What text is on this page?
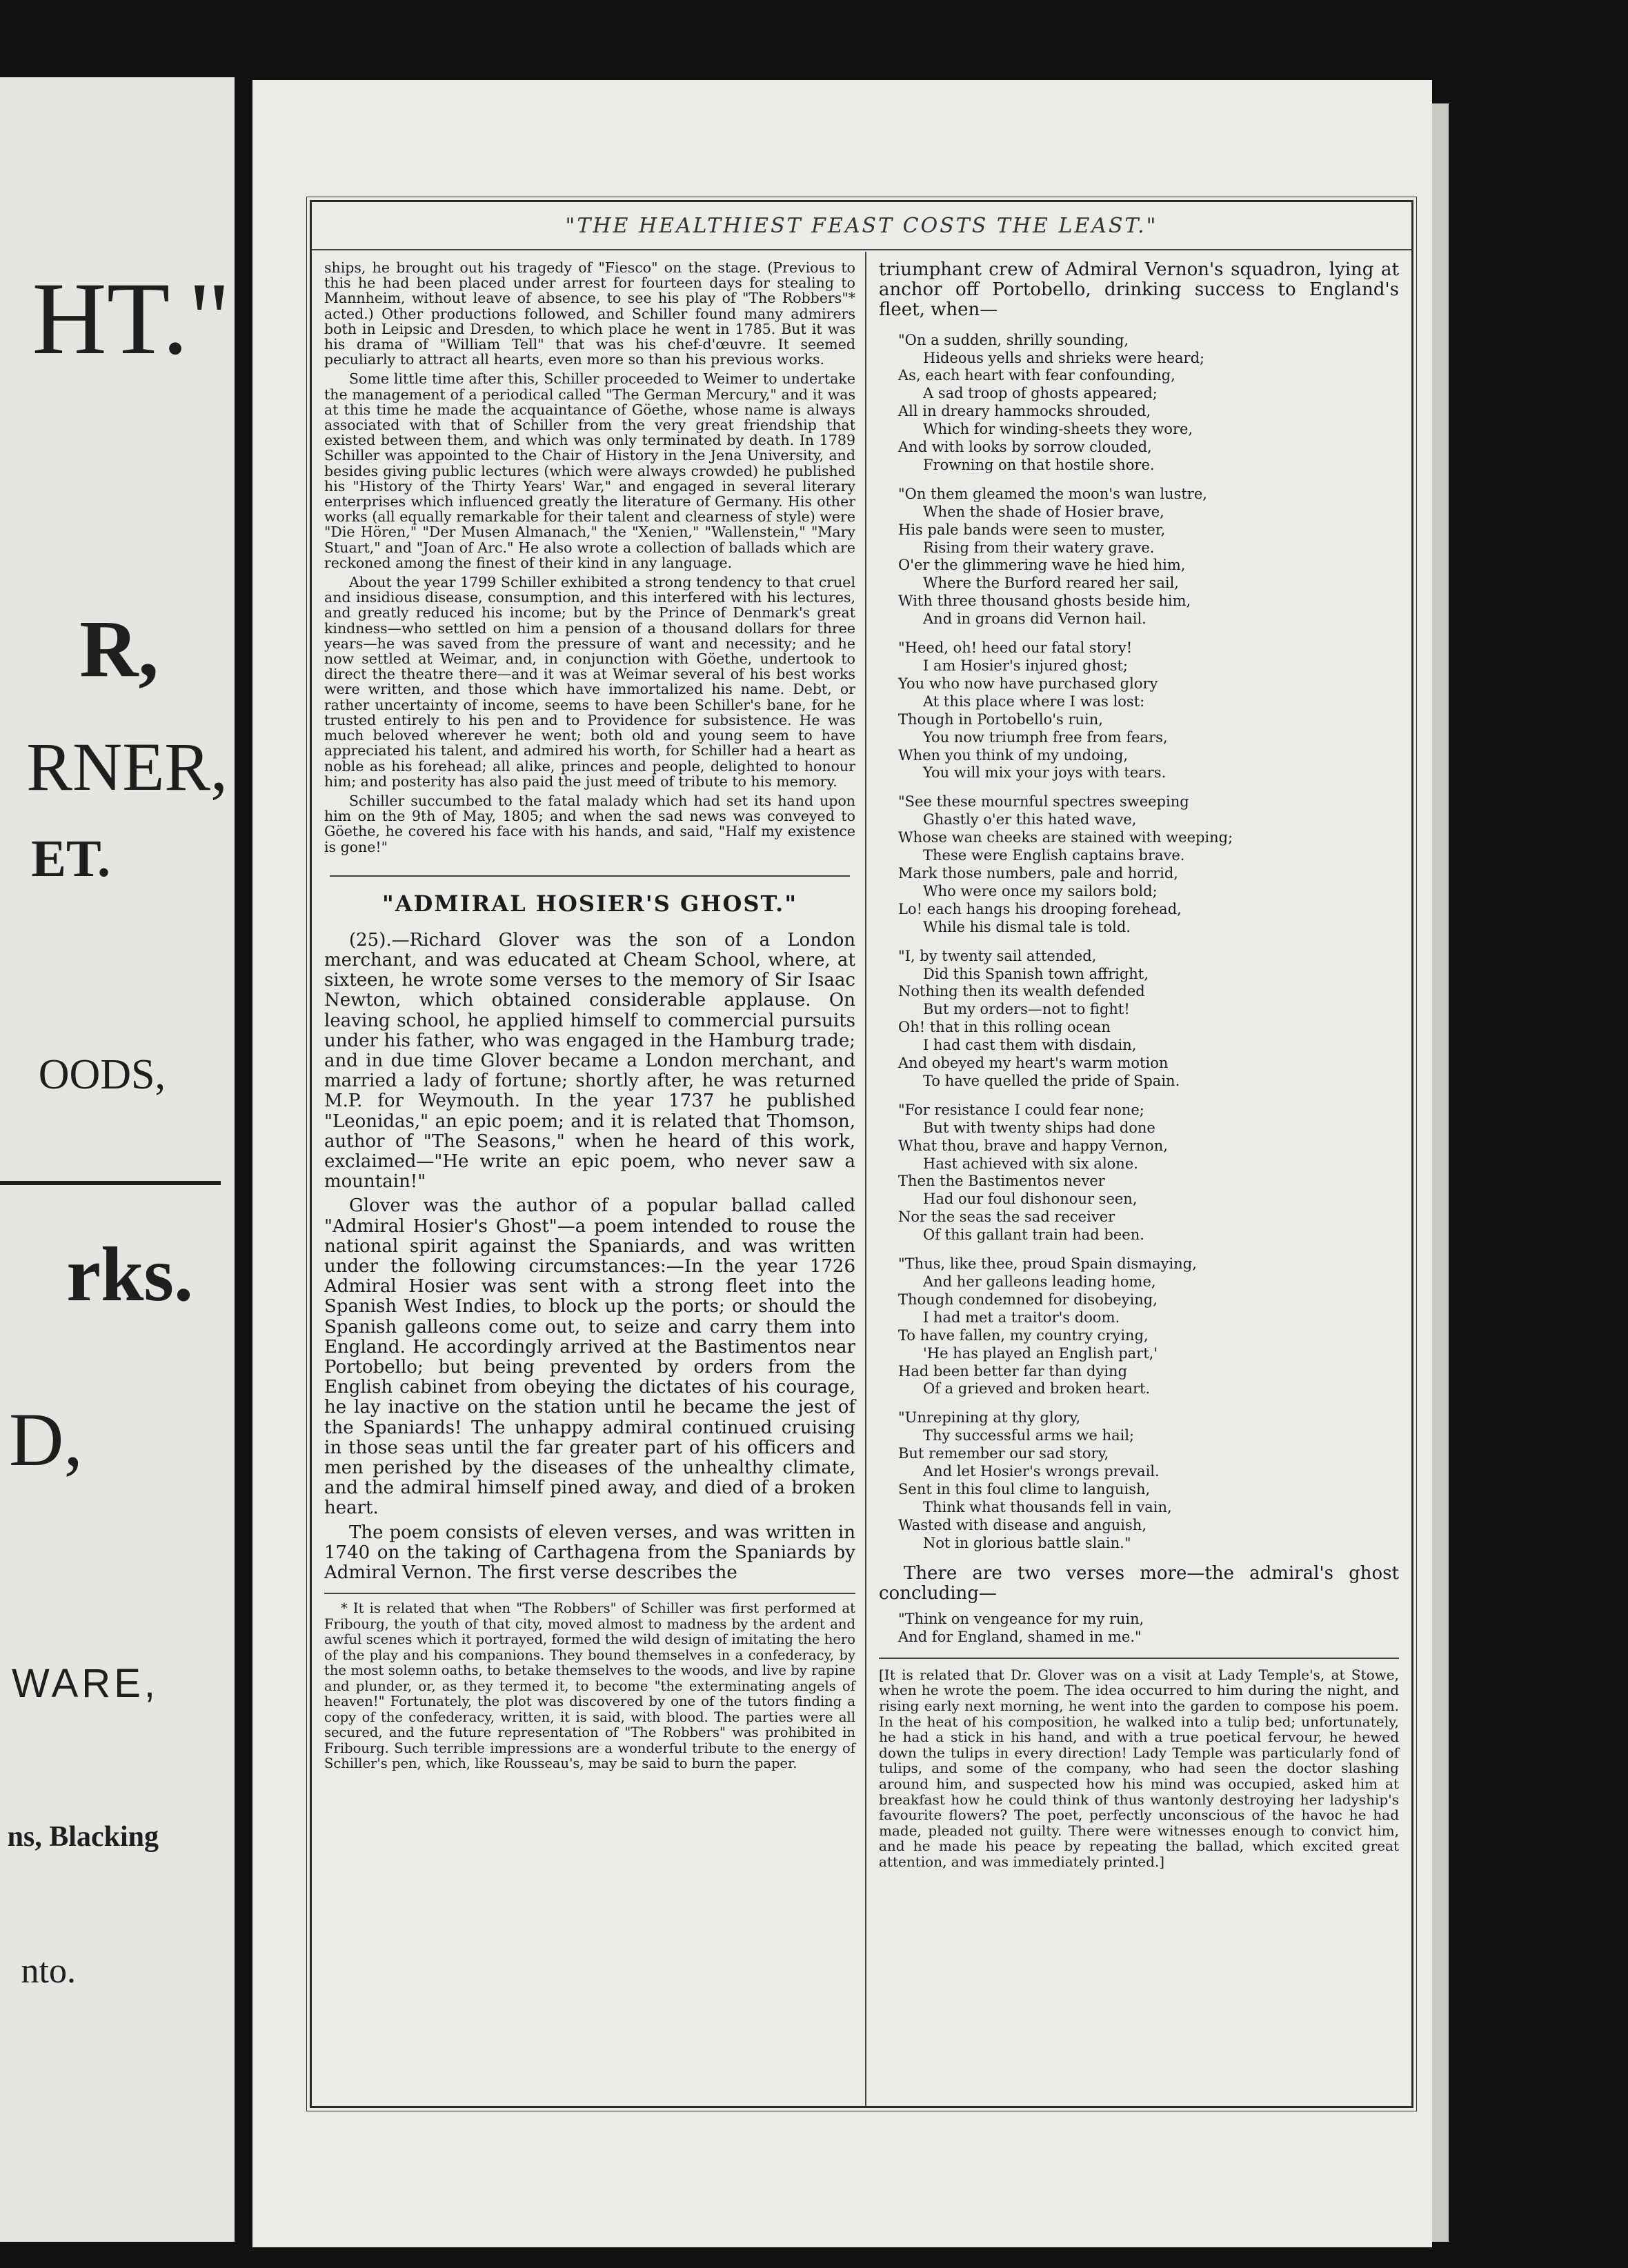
HT."
R,
RNER,
ET.
OODS,
rks.
D,
WARE,
ns, Blacking
nto.
"THE HEALTHIEST FEAST COSTS THE LEAST."

ships, he brought out his tragedy of "Fiesco" on the stage. (Previous to this he had been placed under arrest for fourteen days for stealing to Mannheim, without leave of absence, to see his play of "The Robbers"* acted.) Other productions followed, and Schiller found many admirers both in Leipsic and Dresden, to which place he went in 1785. But it was his drama of "William Tell" that was his chef-d'œuvre. It seemed peculiarly to attract all hearts, even more so than his previous works.

Some little time after this, Schiller proceeded to Weimer to undertake the management of a periodical called "The German Mercury," and it was at this time he made the acquaintance of Göethe, whose name is always associated with that of Schiller from the very great friendship that existed between them, and which was only terminated by death. In 1789 Schiller was appointed to the Chair of History in the Jena University, and besides giving public lectures (which were always crowded) he published his "History of the Thirty Years' War," and engaged in several literary enterprises which influenced greatly the literature of Germany. His other works (all equally remarkable for their talent and clearness of style) were "Die Hören," "Der Musen Almanach," the "Xenien," "Wallenstein," "Mary Stuart," and "Joan of Arc." He also wrote a collection of ballads which are reckoned among the finest of their kind in any language.

About the year 1799 Schiller exhibited a strong tendency to that cruel and insidious disease, consumption, and this interfered with his lectures, and greatly reduced his income; but by the Prince of Denmark's great kindness—who settled on him a pension of a thousand dollars for three years—he was saved from the pressure of want and necessity; and he now settled at Weimar, and, in conjunction with Göethe, undertook to direct the theatre there—and it was at Weimar several of his best works were written, and those which have immortalized his name. Debt, or rather uncertainty of income, seems to have been Schiller's bane, for he trusted entirely to his pen and to Providence for subsistence. He was much beloved wherever he went; both old and young seem to have appreciated his talent, and admired his worth, for Schiller had a heart as noble as his forehead; all alike, princes and people, delighted to honour him; and posterity has also paid the just meed of tribute to his memory.

Schiller succumbed to the fatal malady which had set its hand upon him on the 9th of May, 1805; and when the sad news was conveyed to Göethe, he covered his face with his hands, and said, "Half my existence is gone!"

"ADMIRAL HOSIER'S GHOST."

(25).—Richard Glover was the son of a London merchant, and was educated at Cheam School, where, at sixteen, he wrote some verses to the memory of Sir Isaac Newton, which obtained considerable applause. On leaving school, he applied himself to commercial pursuits under his father, who was engaged in the Hamburg trade; and in due time Glover became a London merchant, and married a lady of fortune; shortly after, he was returned M.P. for Weymouth. In the year 1737 he published "Leonidas," an epic poem; and it is related that Thomson, author of "The Seasons," when he heard of this work, exclaimed—"He write an epic poem, who never saw a mountain!"

Glover was the author of a popular ballad called "Admiral Hosier's Ghost"—a poem intended to rouse the national spirit against the Spaniards, and was written under the following circumstances:—In the year 1726 Admiral Hosier was sent with a strong fleet into the Spanish West Indies, to block up the ports; or should the Spanish galleons come out, to seize and carry them into England. He accordingly arrived at the Bastimentos near Portobello; but being prevented by orders from the English cabinet from obeying the dictates of his courage, he lay inactive on the station until he became the jest of the Spaniards! The unhappy admiral continued cruising in those seas until the far greater part of his officers and men perished by the diseases of the unhealthy climate, and the admiral himself pined away, and died of a broken heart.

The poem consists of eleven verses, and was written in 1740 on the taking of Carthagena from the Spaniards by Admiral Vernon. The first verse describes the

* It is related that when "The Robbers" of Schiller was first performed at Fribourg, the youth of that city, moved almost to madness by the ardent and awful scenes which it portrayed, formed the wild design of imitating the hero of the play and his companions. They bound themselves in a confederacy, by the most solemn oaths, to betake themselves to the woods, and live by rapine and plunder, or, as they termed it, to become "the exterminating angels of heaven!" Fortunately, the plot was discovered by one of the tutors finding a copy of the confederacy, written, it is said, with blood. The parties were all secured, and the future representation of "The Robbers" was prohibited in Fribourg. Such terrible impressions are a wonderful tribute to the energy of Schiller's pen, which, like Rousseau's, may be said to burn the paper.

triumphant crew of Admiral Vernon's squadron, lying at anchor off Portobello, drinking success to England's fleet, when—

"On a sudden, shrilly sounding,
Hideous yells and shrieks were heard;
As, each heart with fear confounding,
A sad troop of ghosts appeared;
All in dreary hammocks shrouded,
Which for winding-sheets they wore,
And with looks by sorrow clouded,
Frowning on that hostile shore.
"On them gleamed the moon's wan lustre,
When the shade of Hosier brave,
His pale bands were seen to muster,
Rising from their watery grave.
O'er the glimmering wave he hied him,
Where the Burford reared her sail,
With three thousand ghosts beside him,
And in groans did Vernon hail.
"Heed, oh! heed our fatal story!
I am Hosier's injured ghost;
You who now have purchased glory
At this place where I was lost:
Though in Portobello's ruin,
You now triumph free from fears,
When you think of my undoing,
You will mix your joys with tears.
"See these mournful spectres sweeping
Ghastly o'er this hated wave,
Whose wan cheeks are stained with weeping;
These were English captains brave.
Mark those numbers, pale and horrid,
Who were once my sailors bold;
Lo! each hangs his drooping forehead,
While his dismal tale is told.
"I, by twenty sail attended,
Did this Spanish town affright,
Nothing then its wealth defended
But my orders—not to fight!
Oh! that in this rolling ocean
I had cast them with disdain,
And obeyed my heart's warm motion
To have quelled the pride of Spain.
"For resistance I could fear none;
But with twenty ships had done
What thou, brave and happy Vernon,
Hast achieved with six alone.
Then the Bastimentos never
Had our foul dishonour seen,
Nor the seas the sad receiver
Of this gallant train had been.
"Thus, like thee, proud Spain dismaying,
And her galleons leading home,
Though condemned for disobeying,
I had met a traitor's doom.
To have fallen, my country crying,
'He has played an English part,'
Had been better far than dying
Of a grieved and broken heart.
"Unrepining at thy glory,
Thy successful arms we hail;
But remember our sad story,
And let Hosier's wrongs prevail.
Sent in this foul clime to languish,
Think what thousands fell in vain,
Wasted with disease and anguish,
Not in glorious battle slain."

There are two verses more—the admiral's ghost concluding—

"Think on vengeance for my ruin,
And for England, shamed in me."

[It is related that Dr. Glover was on a visit at Lady Temple's, at Stowe, when he wrote the poem. The idea occurred to him during the night, and rising early next morning, he went into the garden to compose his poem. In the heat of his composition, he walked into a tulip bed; unfortunately, he had a stick in his hand, and with a true poetical fervour, he hewed down the tulips in every direction! Lady Temple was particularly fond of tulips, and some of the company, who had seen the doctor slashing around him, and suspected how his mind was occupied, asked him at breakfast how he could think of thus wantonly destroying her ladyship's favourite flowers? The poet, perfectly unconscious of the havoc he had made, pleaded not guilty. There were witnesses enough to convict him, and he made his peace by repeating the ballad, which excited great attention, and was immediately printed.]
